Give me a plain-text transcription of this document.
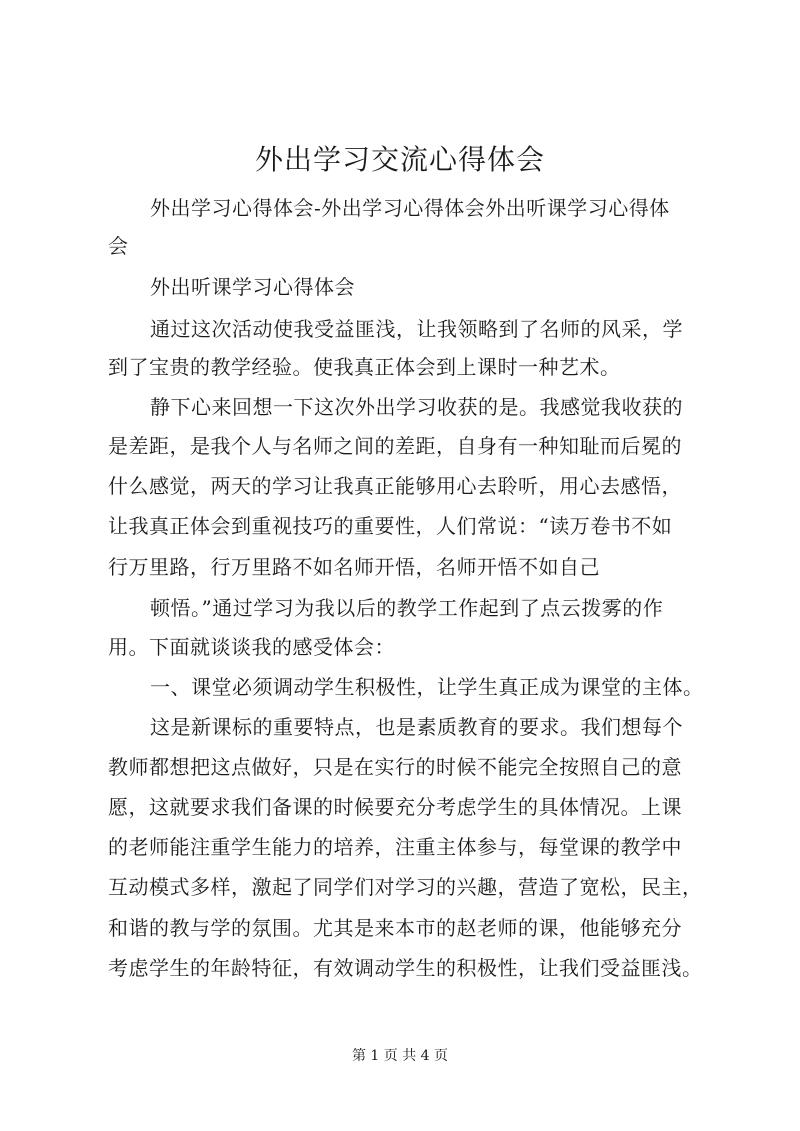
外出学习交流心得体会
外出学习心得体会-外出学习心得体会外出听课学习心得体
会
外出听课学习心得体会
通过这次活动使我受益匪浅，让我领略到了名师的风采，学
到了宝贵的教学经验。使我真正体会到上课时一种艺术。
静下心来回想一下这次外出学习收获的是。我感觉我收获的
是差距，是我个人与名师之间的差距，自身有一种知耻而后冕的
什么感觉，两天的学习让我真正能够用心去聆听，用心去感悟，
让我真正体会到重视技巧的重要性，人们常说：“读万卷书不如
行万里路，行万里路不如名师开悟，名师开悟不如自己
顿悟。”通过学习为我以后的教学工作起到了点云拨雾的作
用。下面就谈谈我的感受体会：
一、课堂必须调动学生积极性，让学生真正成为课堂的主体。
这是新课标的重要特点，也是素质教育的要求。我们想每个
教师都想把这点做好，只是在实行的时候不能完全按照自己的意
愿，这就要求我们备课的时候要充分考虑学生的具体情况。上课
的老师能注重学生能力的培养，注重主体参与，每堂课的教学中
互动模式多样，激起了同学们对学习的兴趣，营造了宽松，民主，
和谐的教与学的氛围。尤其是来本市的赵老师的课，他能够充分
考虑学生的年龄特征，有效调动学生的积极性，让我们受益匪浅。
第 1 页 共 4 页
